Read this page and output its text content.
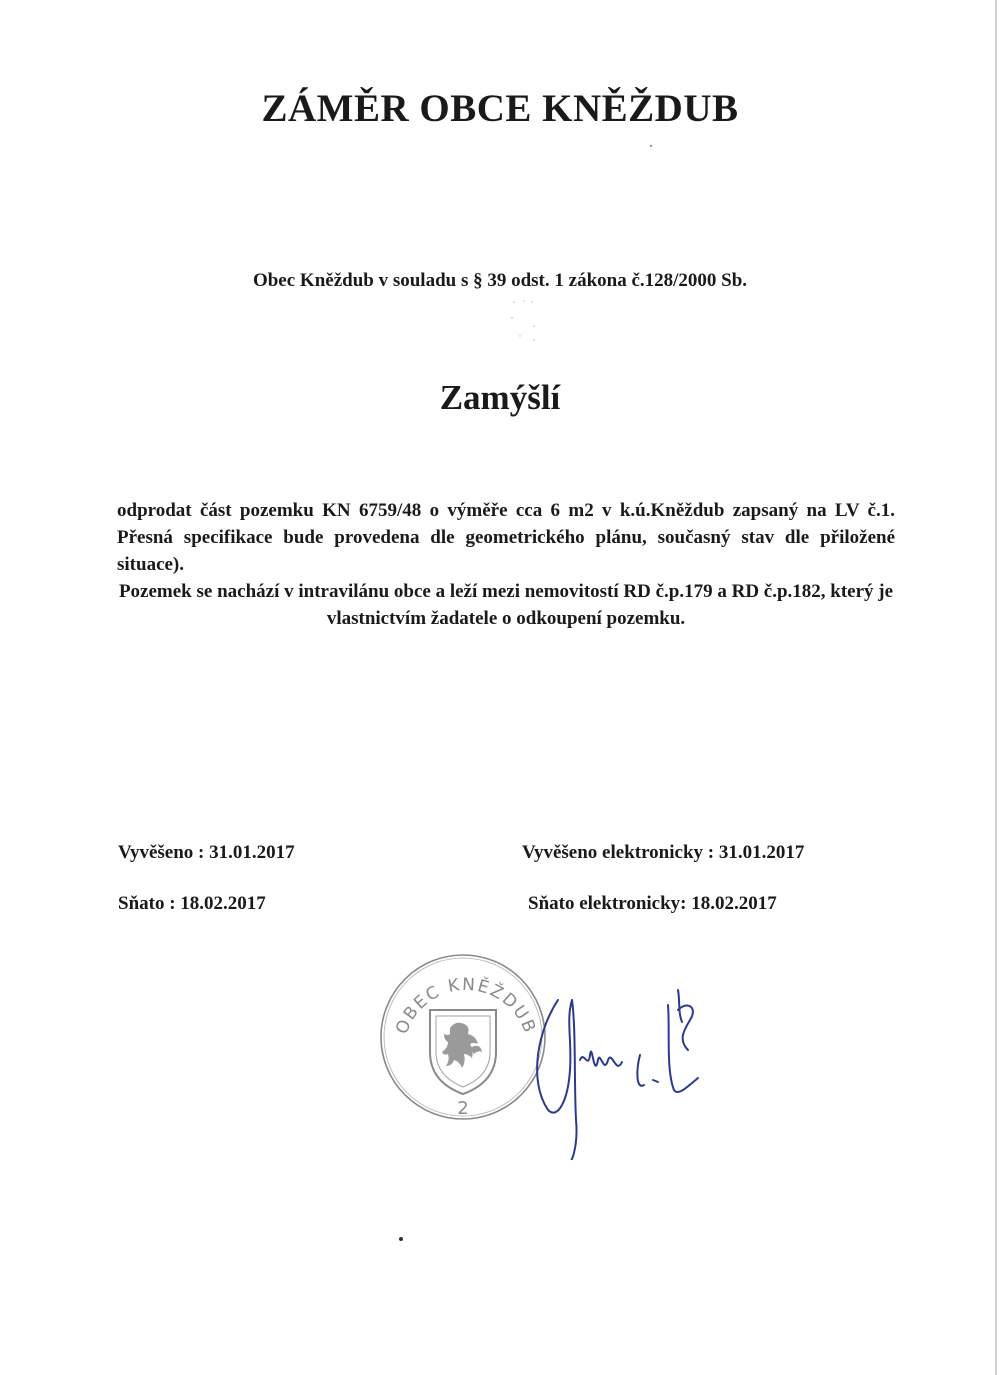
ZÁMĚR OBCE KNĚŽDUB
Obec Kněždub v souladu s § 39 odst. 1 zákona č.128/2000 Sb.
Zamýšlí

odprodat část pozemku KN 6759/48 o výměře cca 6 m2 v k.ú.Kněždub zapsaný na LV č.1. Přesná specifikace bude provedena dle geometrického plánu, současný stav dle přiložené situace).

Pozemek se nachází v intravilánu obce a leží mezi nemovitostí RD č.p.179 a RD č.p.182, který je vlastnictvím žadatele o odkoupení pozemku.

Vyvěšeno : 31.01.2017
Sňato : 18.02.2017
Vyvěšeno elektronicky : 31.01.2017
Sňato elektronicky: 18.02.2017
OBEC KNĚŽDUB
2
